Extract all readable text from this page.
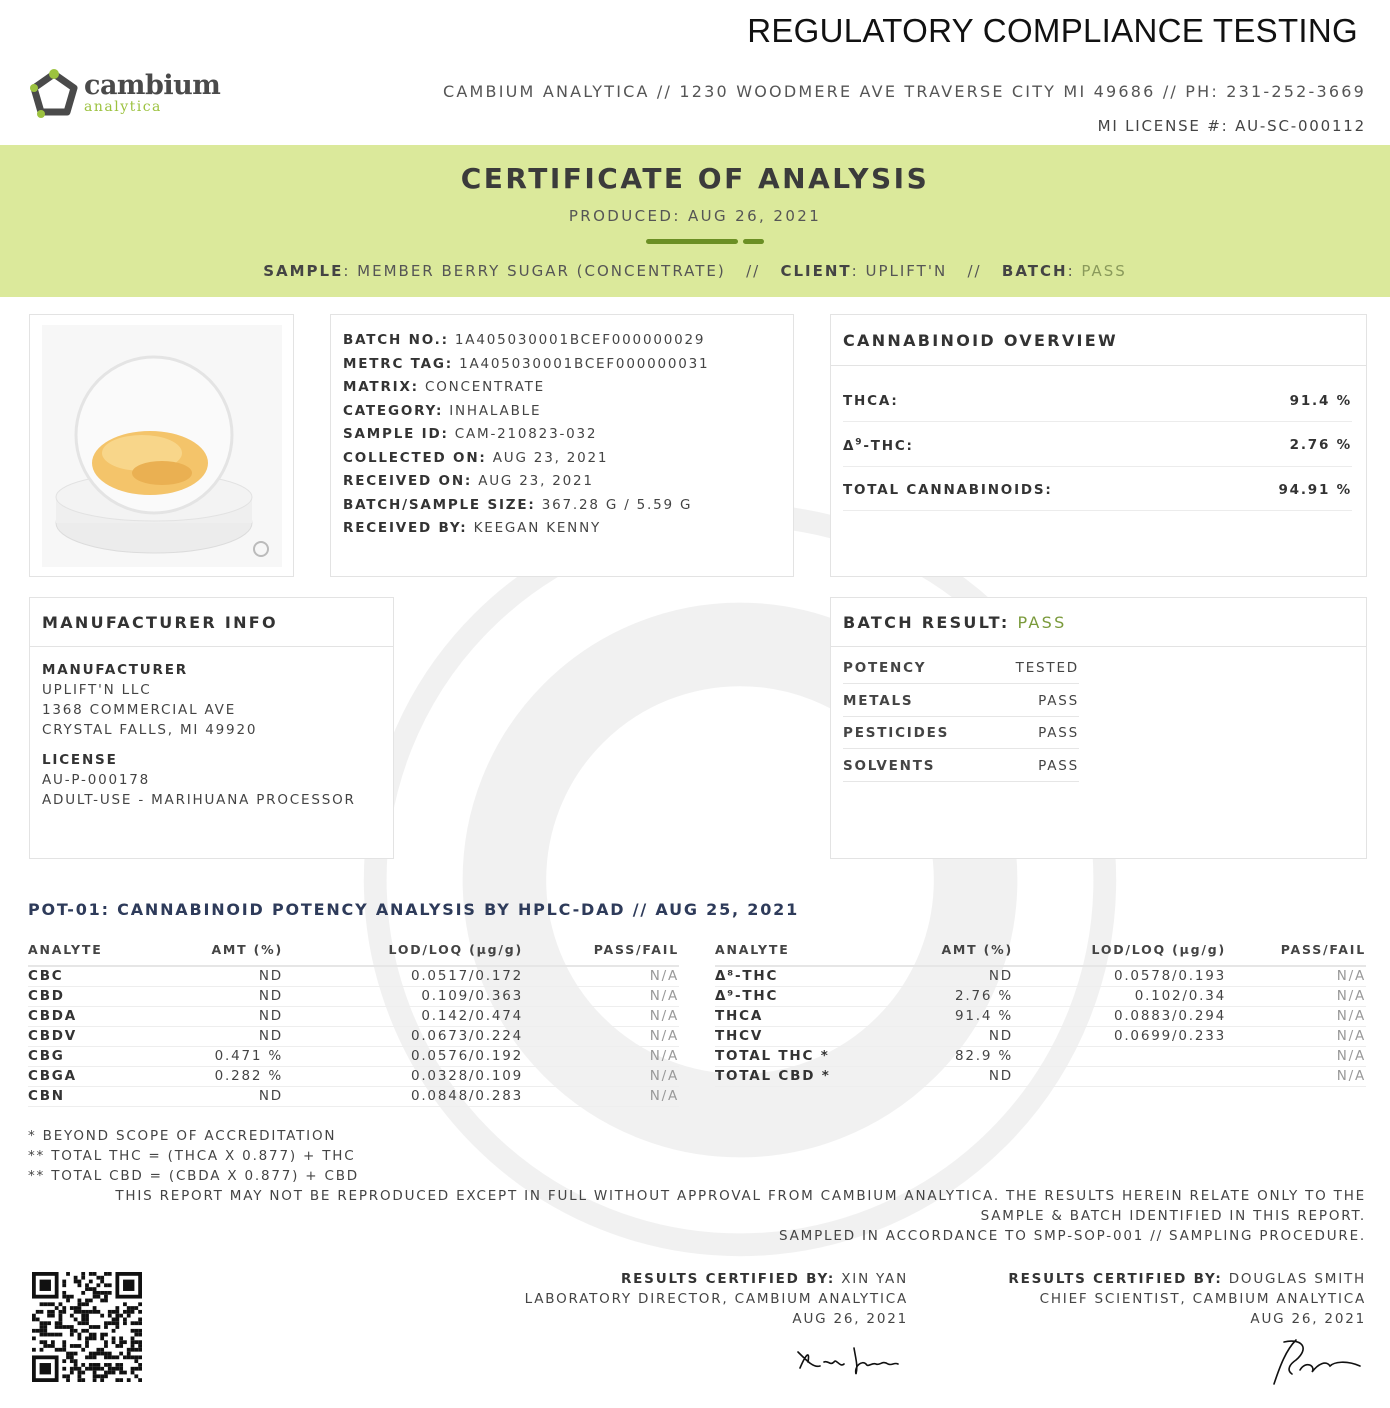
REGULATORY COMPLIANCE TESTING
cambium
analytica
CAMBIUM ANALYTICA // 1230 WOODMERE AVE TRAVERSE CITY MI 49686 // PH: 231-252-3669
MI LICENSE #: AU-SC-000112
CERTIFICATE OF ANALYSIS
PRODUCED: AUG 26, 2021
SAMPLE: MEMBER BERRY SUGAR (CONCENTRATE) // CLIENT: UPLIFT'N // BATCH: PASS
BATCH NO.: 1A405030001BCEF000000029
METRC TAG: 1A405030001BCEF000000031
MATRIX: CONCENTRATE
CATEGORY: INHALABLE
SAMPLE ID: CAM-210823-032
COLLECTED ON: AUG 23, 2021
RECEIVED ON: AUG 23, 2021
BATCH/SAMPLE SIZE: 367.28 G / 5.59 G
RECEIVED BY: KEEGAN KENNY
CANNABINOID OVERVIEW
THCA:	91.4 %
$\Delta^9$-THC:	2.76 %
TOTAL CANNABINOIDS:	94.91 %
MANUFACTURER INFO
MANUFACTURER
UPLIFT'N LLC
1368 COMMERCIAL AVE
CRYSTAL FALLS, MI 49920
LICENSE
AU-P-000178
ADULT-USE - MARIHUANA PROCESSOR
BATCH RESULT: PASS
POTENCY	TESTED
METALS	PASS
PESTICIDES	PASS
SOLVENTS	PASS
POT-01: CANNABINOID POTENCY ANALYSIS BY HPLC-DAD // AUG 25, 2021
ANALYTE	AMT (%)	LOD/LOQ (μg/g)	PASS/FAIL
CBC	ND	0.0517/0.172	N/A
CBD	ND	0.109/0.363	N/A
CBDA	ND	0.142/0.474	N/A
CBDV	ND	0.0673/0.224	N/A
CBG	0.471 %	0.0576/0.192	N/A
CBGA	0.282 %	0.0328/0.109	N/A
CBN	ND	0.0848/0.283	N/A
ANALYTE	AMT (%)	LOD/LOQ (μg/g)	PASS/FAIL
Δ⁸-THC	ND	0.0578/0.193	N/A
Δ⁹-THC	2.76 %	0.102/0.34	N/A
THCA	91.4 %	0.0883/0.294	N/A
THCV	ND	0.0699/0.233	N/A
TOTAL THC *	82.9 %		N/A
TOTAL CBD *	ND		N/A
* BEYOND SCOPE OF ACCREDITATION
** TOTAL THC = (THCA X 0.877) + THC
** TOTAL CBD = (CBDA X 0.877) + CBD
THIS REPORT MAY NOT BE REPRODUCED EXCEPT IN FULL WITHOUT APPROVAL FROM CAMBIUM ANALYTICA. THE RESULTS HEREIN RELATE ONLY TO THE
SAMPLE & BATCH IDENTIFIED IN THIS REPORT.
SAMPLED IN ACCORDANCE TO SMP-SOP-001 // SAMPLING PROCEDURE.
RESULTS CERTIFIED BY: XIN YAN
LABORATORY DIRECTOR, CAMBIUM ANALYTICA
AUG 26, 2021
RESULTS CERTIFIED BY: DOUGLAS SMITH
CHIEF SCIENTIST, CAMBIUM ANALYTICA
AUG 26, 2021
